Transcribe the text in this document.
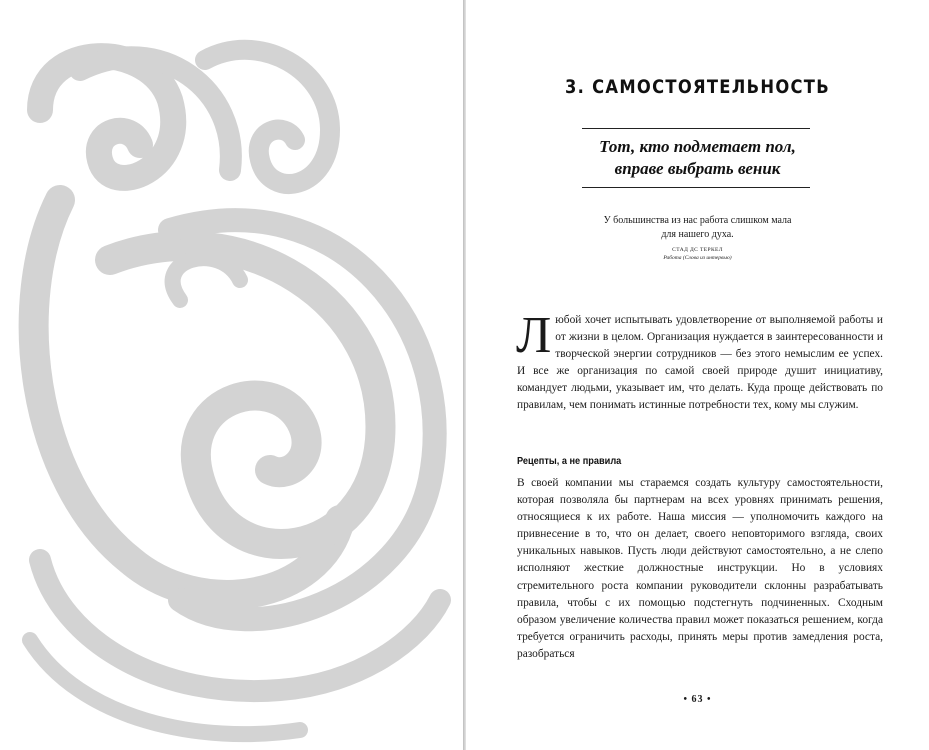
3. САМОСТОЯТЕЛЬНОСТЬ
Тот, кто подметает пол,
вправе выбрать веник
У большинства из нас работа слишком мала
для нашего духа.
СТАД ДС ТЕРКЕЛ
Работа (Слова из интервью)
Любой хочет испытывать удовлетворение от выполняемой работы и от жизни в целом. Организация нуждается в заинтересованности и творческой энергии сотрудников — без этого немыслим ее успех. И все же организация по самой своей природе душит инициативу, командует людьми, указывает им, что делать. Куда проще действовать по правилам, чем понимать истинные потребности тех, кому мы служим.
Рецепты, а не правила
В своей компании мы стараемся создать культуру самостоятельности, которая позволяла бы партнерам на всех уровнях принимать решения, относящиеся к их работе. Наша миссия — уполномочить каждого на привнесение в то, что он делает, своего неповторимого взгляда, своих уникальных навыков. Пусть люди действуют самостоятельно, а не слепо исполняют жесткие должностные инструкции. Но в условиях стремительного роста компании руководители склонны разрабатывать правила, чтобы с их помощью подстегнуть подчиненных. Сходным образом увеличение количества правил может показаться решением, когда требуется ограничить расходы, принять меры против замедления роста, разобраться
• 63 •
